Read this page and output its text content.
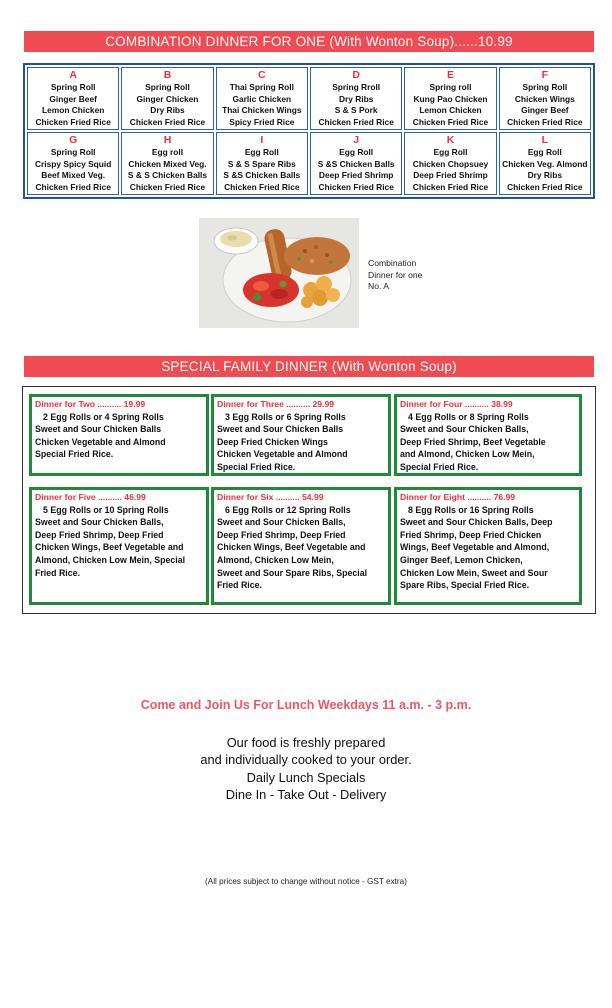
COMBINATION DINNER FOR ONE (With Wonton Soup)......10.99
A
Spring Roll
Ginger Beef
Lemon Chicken
Chicken Fried Rice
B
Spring Roll
Ginger Chicken
Dry Ribs
Chicken Fried Rice
C
Thai Spring Roll
Garlic Chicken
Thai Chicken Wings
Spicy Fried Rice
D
Spring Rroll
Dry Ribs
S & S Pork
Chicken Fried Rice
E
Spring roll
Kung Pao Chicken
Lemon Chicken
Chicken Fried Rice
F
Spring Roll
Chicken Wings
Ginger Beef
Chicken Fried Rice
G
Spring Roll
Crispy Spicy Squid
Beef Mixed Veg.
Chicken Fried Rice
H
Egg roll
Chicken Mixed Veg.
S & S Chicken Balls
Chicken Fried Rice
I
Egg Roll
S & S Spare Ribs
S &S Chicken Balls
Chicken Fried Rice
J
Egg Roll
S &S Chicken Balls
Deep Fried Shrimp
Chicken Fried Rice
K
Egg Roll
Chicken Chopsuey
Deep Fried Shrimp
Chicken Fried Rice
L
Egg Roll
Chicken Veg. Almond
Dry Ribs
Chicken Fried Rice
Combination
Dinner for one
No. A
SPECIAL FAMILY DINNER (With Wonton Soup)
Dinner for Two .......... 19.99
2 Egg Rolls or 4 Spring Rolls
Sweet and Sour Chicken Balls
Chicken Vegetable and Almond
Special Fried Rice.
Dinner for Three .......... 29.99
3 Egg Rolls or 6 Spring Rolls
Sweet and Sour Chicken Balls
Deep Fried Chicken Wings
Chicken Vegetable and Almond
Special Fried Rice.
Dinner for Four .......... 38.99
4 Egg Rolls or 8 Spring Rolls
Sweet and Sour Chicken Balls,
Deep Fried Shrimp, Beef Vegetable
and Almond, Chicken Low Mein,
Special Fried Rice.
Dinner for Five .......... 46.99
5 Egg Rolls or 10 Spring Rolls
Sweet and Sour Chicken Balls,
Deep Fried Shrimp, Deep Fried
Chicken Wings, Beef Vegetable and
Almond, Chicken Low Mein, Special
Fried Rice.
Dinner for Six .......... 54.99
6 Egg Rolls or 12 Spring Rolls
Sweet and Sour Chicken Balls,
Deep Fried Shrimp, Deep Fried
Chicken Wings, Beef Vegetable and
Almond, Chicken Low Mein,
Sweet and Sour Spare Ribs, Special
Fried Rice.
Dinner for Eight .......... 76.99
8 Egg Rolls or 16 Spring Rolls
Sweet and Sour Chicken Balls, Deep
Fried Shrimp, Deep Fried Chicken
Wings, Beef Vegetable and Almond,
Ginger Beef, Lemon Chicken,
Chicken Low Mein, Sweet and Sour
Spare Ribs, Special Fried Rice.
Come and Join Us For Lunch Weekdays 11 a.m. - 3 p.m.
Our food is freshly prepared
and individually cooked to your order.
Daily Lunch Specials
Dine In - Take Out - Delivery
(All prices subject to change without notice - GST extra)
